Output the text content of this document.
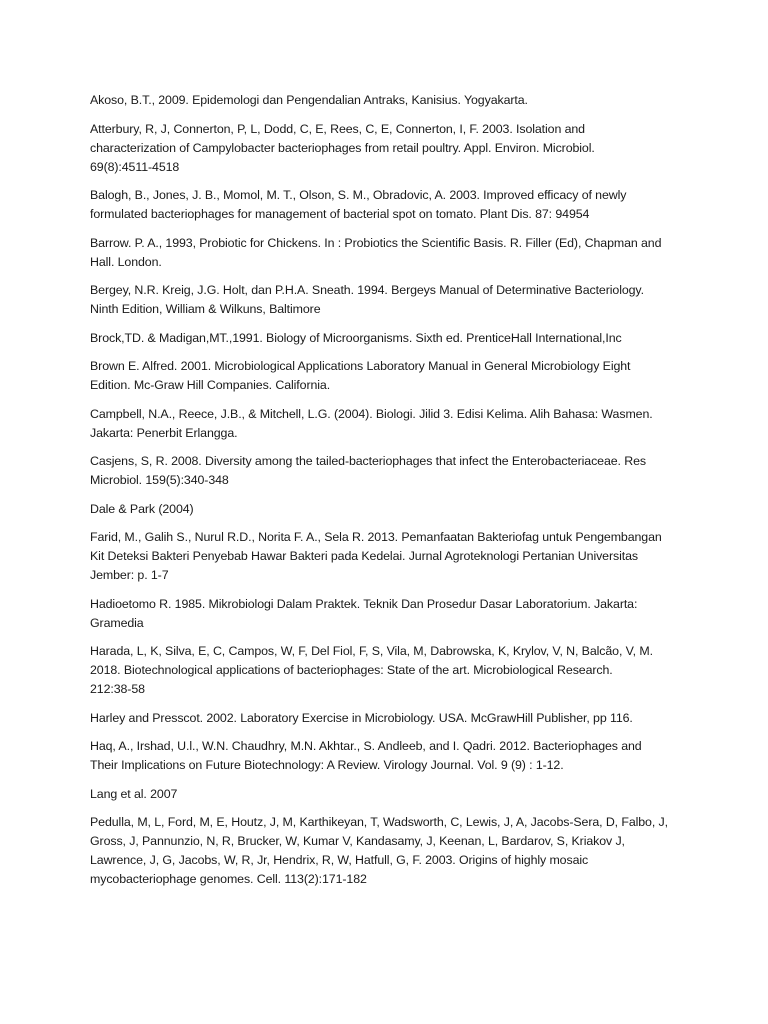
Akoso, B.T., 2009. Epidemologi dan Pengendalian Antraks, Kanisius. Yogyakarta.

Atterbury, R, J, Connerton, P, L, Dodd, C, E, Rees, C, E, Connerton, I, F. 2003. Isolation and
characterization of Campylobacter bacteriophages from retail poultry. Appl. Environ. Microbiol.
69(8):4511-4518

Balogh, B., Jones, J. B., Momol, M. T., Olson, S. M., Obradovic, A. 2003. Improved efficacy of newly
formulated bacteriophages for management of bacterial spot on tomato. Plant Dis. 87: 94954

Barrow. P. A., 1993, Probiotic for Chickens. In : Probiotics the Scientific Basis. R. Filler (Ed), Chapman and
Hall. London.

Bergey, N.R. Kreig, J.G. Holt, dan P.H.A. Sneath. 1994. Bergeys Manual of Determinative Bacteriology.
Ninth Edition, William & Wilkuns, Baltimore

Brock,TD. & Madigan,MT.,1991. Biology of Microorganisms. Sixth ed. PrenticeHall International,Inc

Brown E. Alfred. 2001. Microbiological Applications Laboratory Manual in General Microbiology Eight
Edition. Mc-Graw Hill Companies. California.

Campbell, N.A., Reece, J.B., & Mitchell, L.G. (2004). Biologi. Jilid 3. Edisi Kelima. Alih Bahasa: Wasmen.
Jakarta: Penerbit Erlangga.

Casjens, S, R. 2008. Diversity among the tailed-bacteriophages that infect the Enterobacteriaceae. Res
Microbiol. 159(5):340-348

Dale & Park (2004)

Farid, M., Galih S., Nurul R.D., Norita F. A., Sela R. 2013. Pemanfaatan Bakteriofag untuk Pengembangan
Kit Deteksi Bakteri Penyebab Hawar Bakteri pada Kedelai. Jurnal Agroteknologi Pertanian Universitas
Jember: p. 1-7

Hadioetomo R. 1985. Mikrobiologi Dalam Praktek. Teknik Dan Prosedur Dasar Laboratorium. Jakarta:
Gramedia

Harada, L, K, Silva, E, C, Campos, W, F, Del Fiol, F, S, Vila, M, Dabrowska, K, Krylov, V, N, Balcão, V, M.
2018. Biotechnological applications of bacteriophages: State of the art. Microbiological Research.
212:38-58

Harley and Presscot. 2002. Laboratory Exercise in Microbiology. USA. McGrawHill Publisher, pp 116.

Haq, A., Irshad, U.l., W.N. Chaudhry, M.N. Akhtar., S. Andleeb, and I. Qadri. 2012. Bacteriophages and
Their Implications on Future Biotechnology: A Review. Virology Journal. Vol. 9 (9) : 1-12.

Lang et al. 2007

Pedulla, M, L, Ford, M, E, Houtz, J, M, Karthikeyan, T, Wadsworth, C, Lewis, J, A, Jacobs-Sera, D, Falbo, J,
Gross, J, Pannunzio, N, R, Brucker, W, Kumar V, Kandasamy, J, Keenan, L, Bardarov, S, Kriakov J,
Lawrence, J, G, Jacobs, W, R, Jr, Hendrix, R, W, Hatfull, G, F. 2003. Origins of highly mosaic
mycobacteriophage genomes. Cell. 113(2):171-182
